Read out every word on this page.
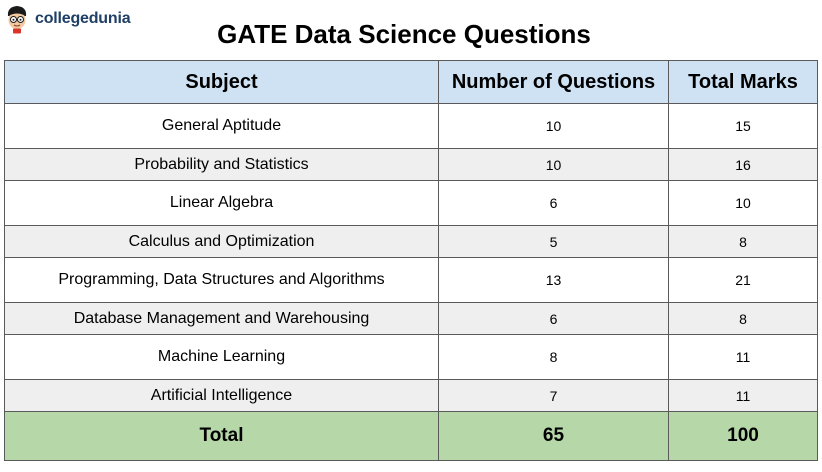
collegedunia
GATE Data Science Questions
Subject	Number of Questions	Total Marks
General Aptitude	10	15
Probability and Statistics	10	16
Linear Algebra	6	10
Calculus and Optimization	5	8
Programming, Data Structures and Algorithms	13	21
Database Management and Warehousing	6	8
Machine Learning	8	11
Artificial Intelligence	7	11
Total	65	100
